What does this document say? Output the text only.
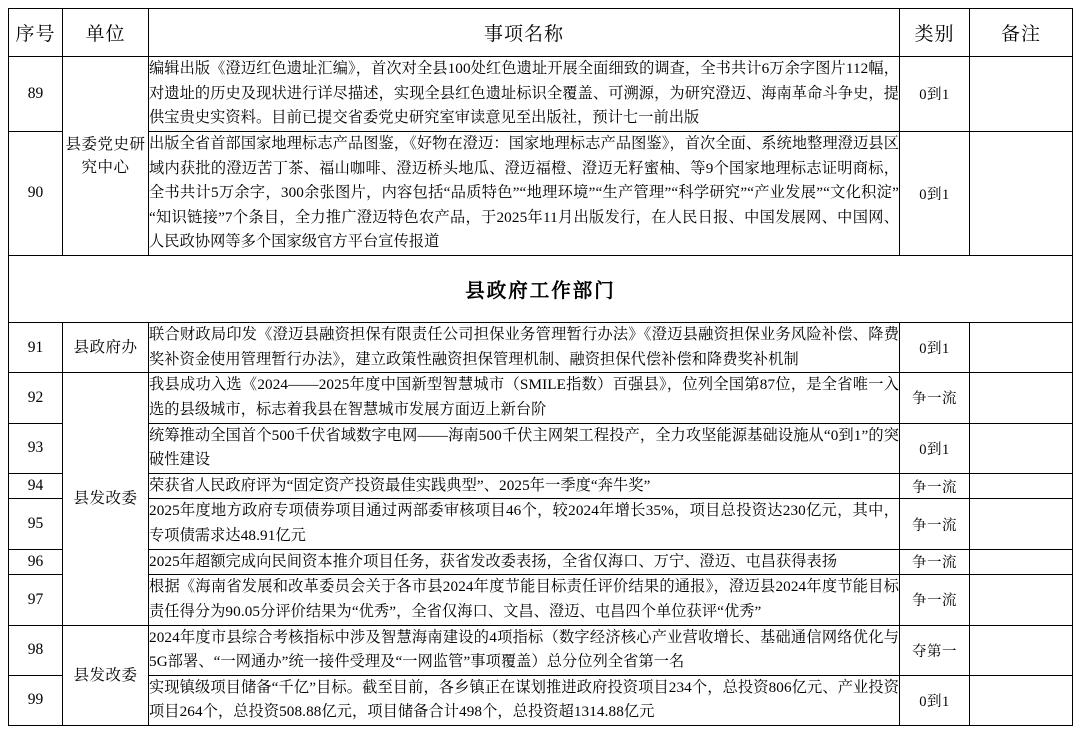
序号	单位	事项名称	类别	备注
89	县委党史研究中心	编辑出版《澄迈红色遗址汇编》，首次对全县100处红色遗址开展全面细致的调查，全书共计6万余字图片112幅，对遗址的历史及现状进行详尽描述，实现全县红色遗址标识全覆盖、可溯源，为研究澄迈、海南革命斗争史，提供宝贵史实资料。目前已提交省委党史研究室审读意见至出版社，预计七一前出版	0到1	
90		出版全省首部国家地理标志产品图鉴，《好物在澄迈：国家地理标志产品图鉴》，首次全面、系统地整理澄迈县区域内获批的澄迈苦丁茶、福山咖啡、澄迈桥头地瓜、澄迈福橙、澄迈无籽蜜柚、等9个国家地理标志证明商标，全书共计5万余字，300余张图片，内容包括“品质特色”“地理环境”“生产管理”“科学研究”“产业发展”“文化积淀”“知识链接”7个条目，全力推广澄迈特色农产品，于2025年11月出版发行，在人民日报、中国发展网、中国网、人民政协网等多个国家级官方平台宣传报道	0到1	
县政府工作部门				
91	县政府办	联合财政局印发《澄迈县融资担保有限责任公司担保业务管理暂行办法》《澄迈县融资担保业务风险补偿、降费奖补资金使用管理暂行办法》，建立政策性融资担保管理机制、融资担保代偿补偿和降费奖补机制	0到1	
92	县发改委	我县成功入选《2024——2025年度中国新型智慧城市（SMILE指数）百强县》，位列全国第87位，是全省唯一入选的县级城市，标志着我县在智慧城市发展方面迈上新台阶	争一流	
93		统筹推动全国首个500千伏省域数字电网——海南500千伏主网架工程投产，全力攻坚能源基础设施从“0到1”的突破性建设	0到1	
94		荣获省人民政府评为“固定资产投资最佳实践典型”、2025年一季度“奔牛奖”	争一流	
95		2025年度地方政府专项债券项目通过两部委审核项目46个，较2024年增长35%，项目总投资达230亿元，其中，专项债需求达48.91亿元	争一流	
96		2025年超额完成向民间资本推介项目任务，获省发改委表扬，全省仅海口、万宁、澄迈、屯昌获得表扬	争一流	
97		根据《海南省发展和改革委员会关于各市县2024年度节能目标责任评价结果的通报》，澄迈县2024年度节能目标责任得分为90.05分评价结果为“优秀”，全省仅海口、文昌、澄迈、屯昌四个单位获评“优秀”	争一流	
98	县发改委	2024年度市县综合考核指标中涉及智慧海南建设的4项指标（数字经济核心产业营收增长、基础通信网络优化与5G部署、“一网通办”统一接件受理及“一网监管”事项覆盖）总分位列全省第一名	夺第一	
99		实现镇级项目储备“千亿”目标。截至目前，各乡镇正在谋划推进政府投资项目234个，总投资806亿元、产业投资项目264个，总投资508.88亿元，项目储备合计498个，总投资超1314.88亿元	0到1	
